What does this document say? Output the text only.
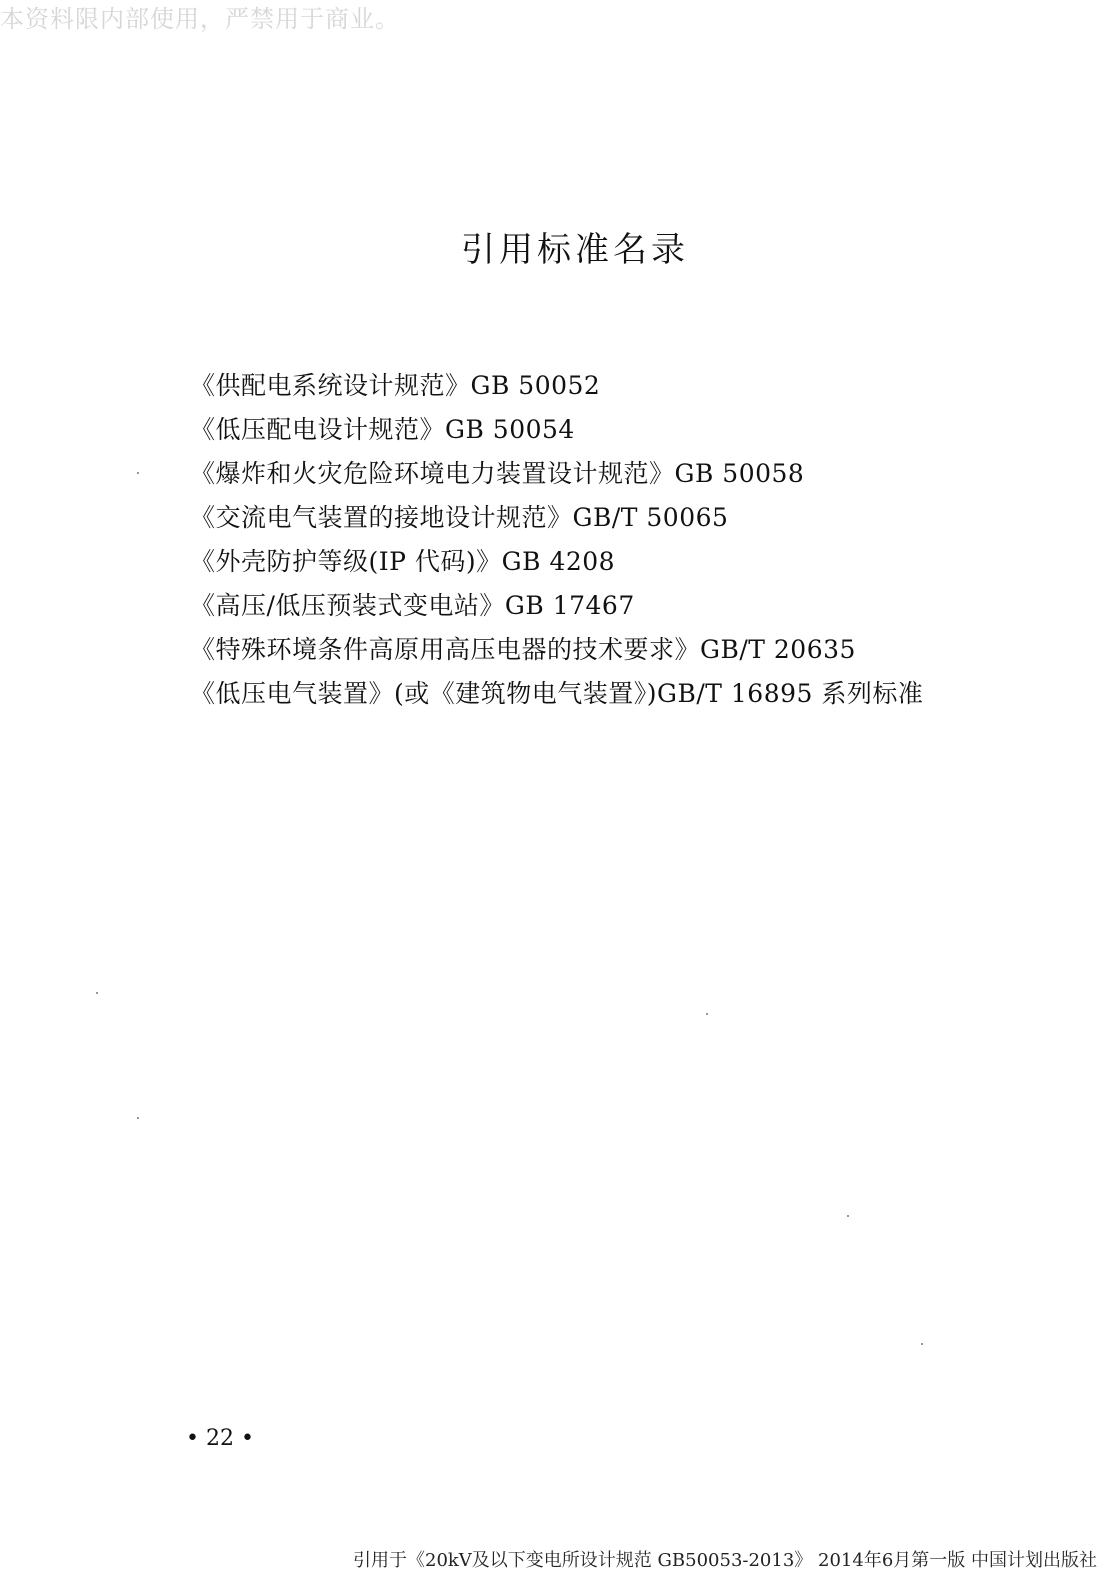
本资料限内部使用，严禁用于商业。
引用标准名录
《供配电系统设计规范》GB 50052
《低压配电设计规范》GB 50054
《爆炸和火灾危险环境电力装置设计规范》GB 50058
《交流电气装置的接地设计规范》GB/T 50065
《外壳防护等级(IP 代码)》GB 4208
《高压/低压预装式变电站》GB 17467
《特殊环境条件高原用高压电器的技术要求》GB/T 20635
《低压电气装置》(或《建筑物电气装置》)GB/T 16895 系列标准
• 22 •
引用于《20kV及以下变电所设计规范 GB50053-2013》 2014年6月第一版 中国计划出版社
